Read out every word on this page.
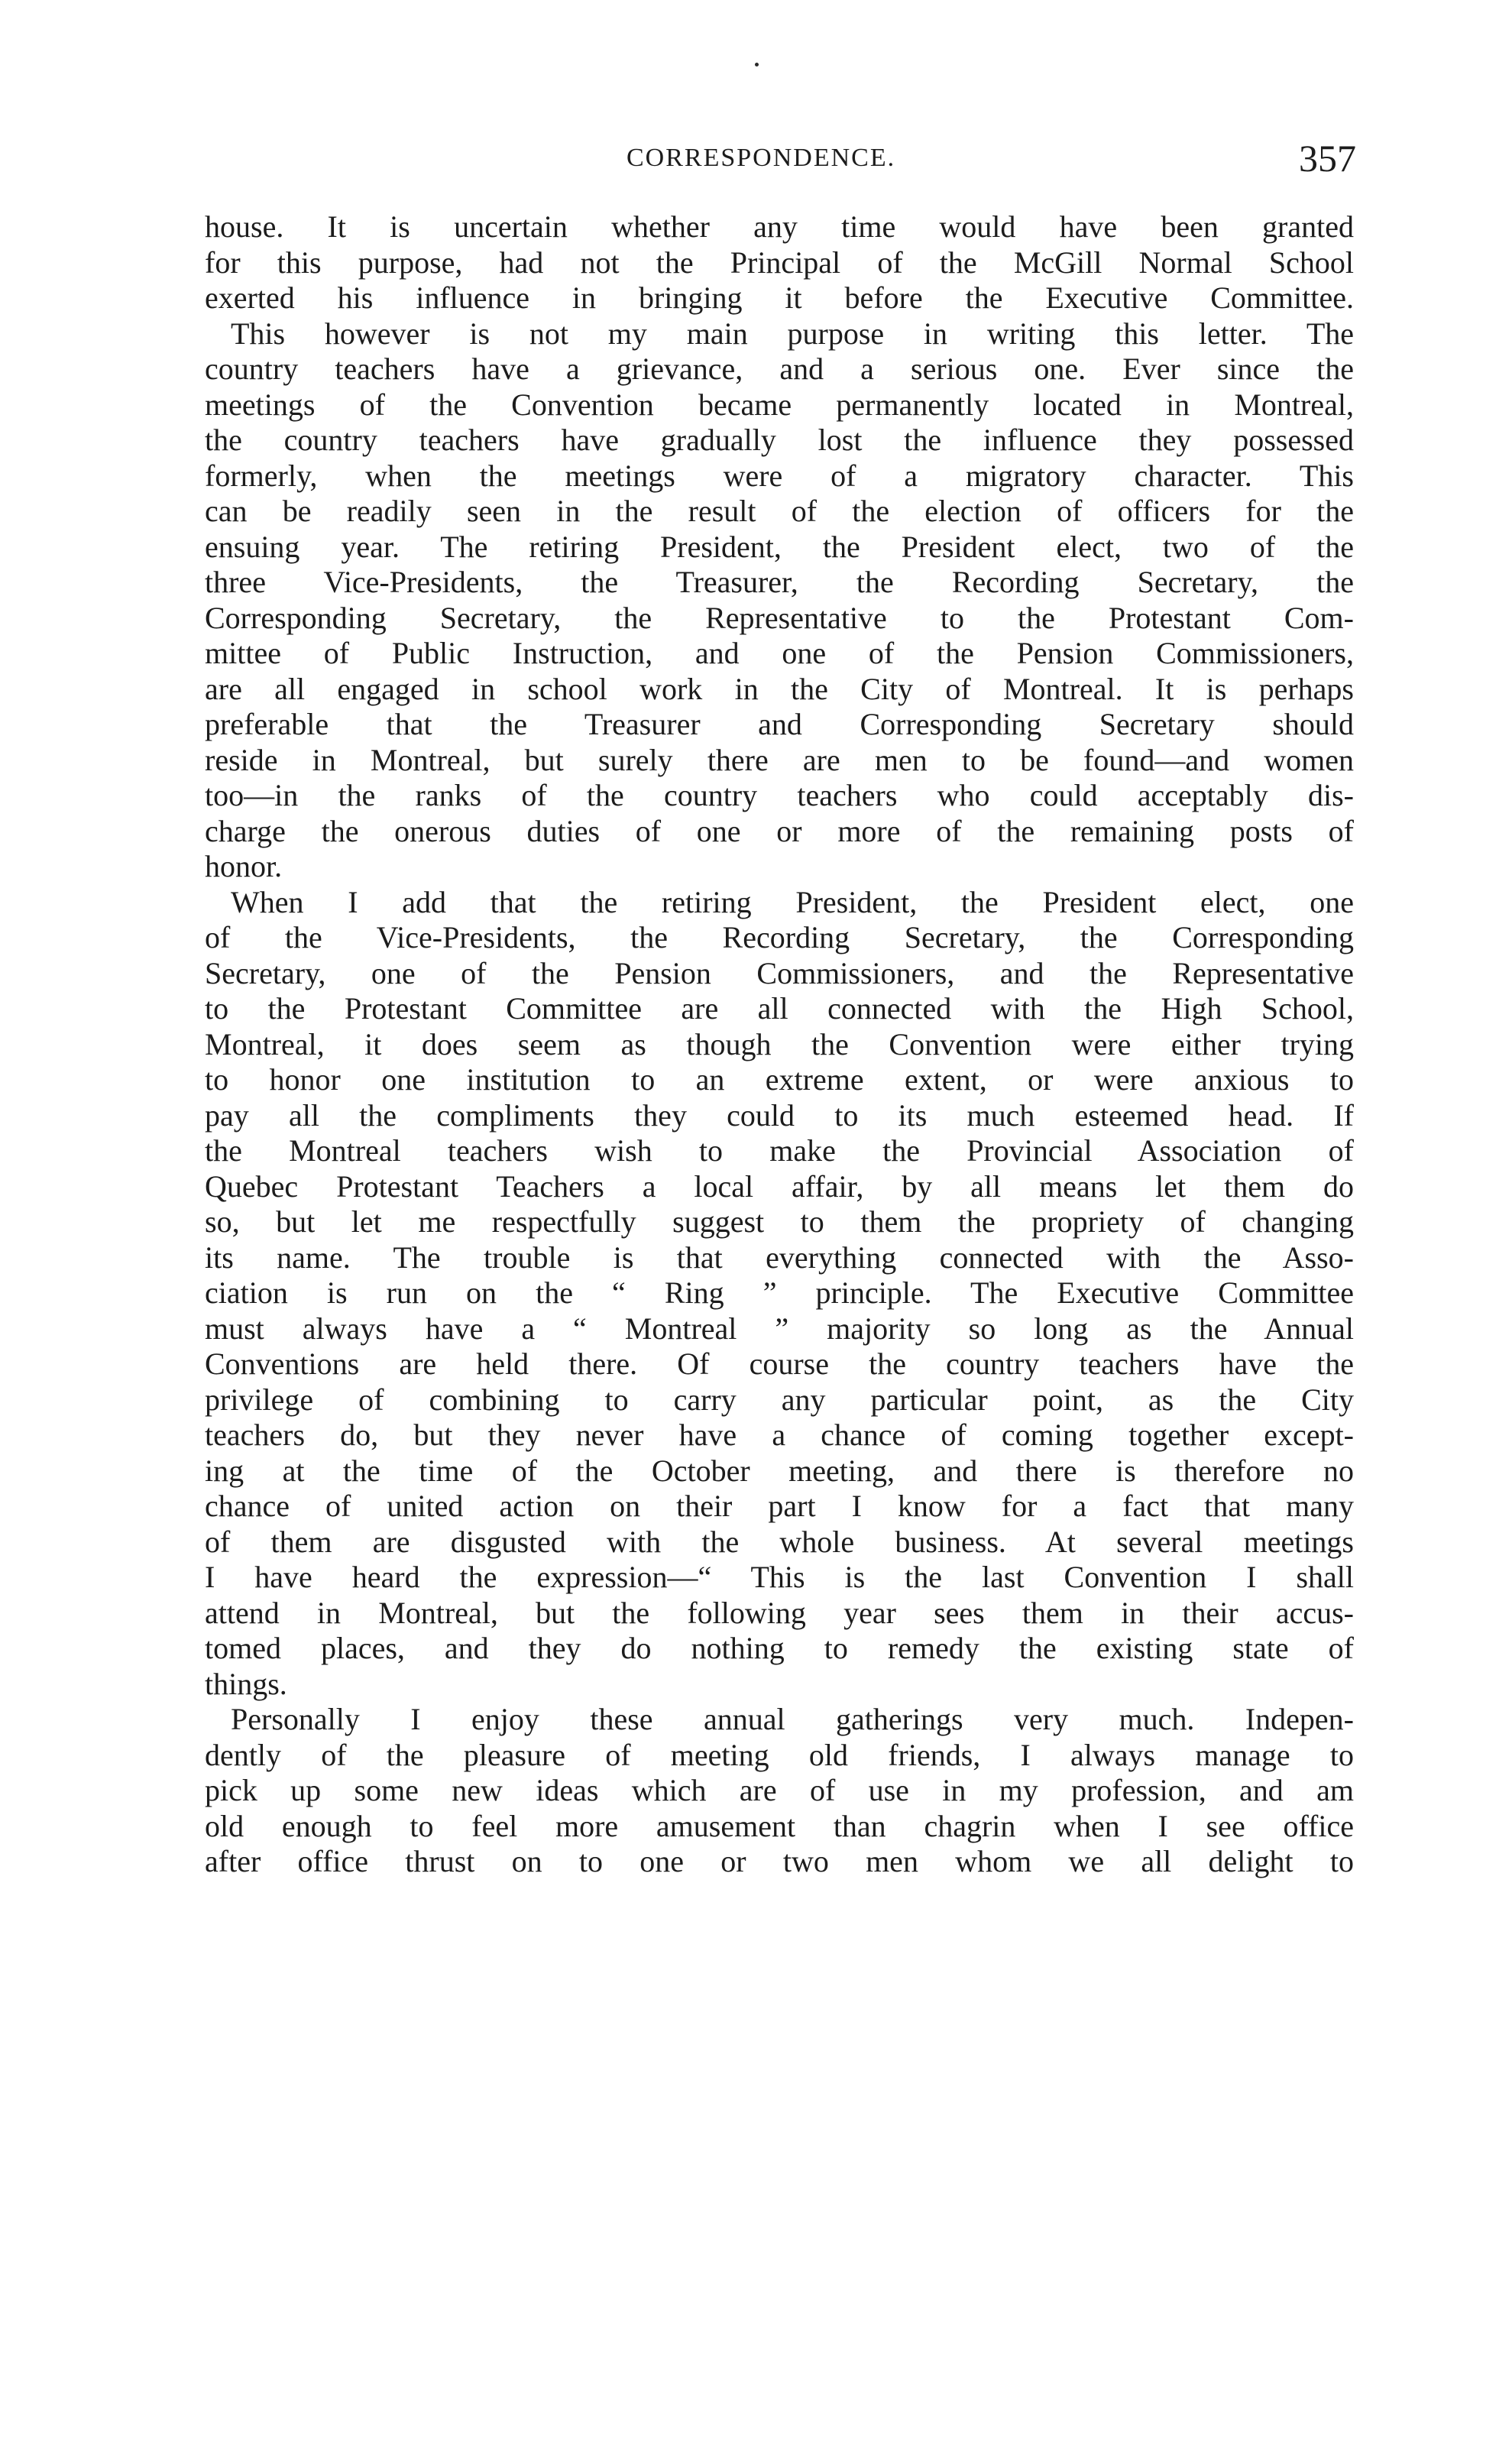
CORRESPONDENCE.	357
house. It is uncertain whether any time would have been granted
for this purpose, had not the Principal of the McGill Normal School
exerted his influence in bringing it before the Executive Committee.
This however is not my main purpose in writing this letter. The
country teachers have a grievance, and a serious one. Ever since the
meetings of the Convention became permanently located in Montreal,
the country teachers have gradually lost the influence they possessed
formerly, when the meetings were of a migratory character. This
can be readily seen in the result of the election of officers for the
ensuing year. The retiring President, the President elect, two of the
three Vice-Presidents, the Treasurer, the Recording Secretary, the
Corresponding Secretary, the Representative to the Protestant Com-
mittee of Public Instruction, and one of the Pension Commissioners,
are all engaged in school work in the City of Montreal. It is perhaps
preferable that the Treasurer and Corresponding Secretary should
reside in Montreal, but surely there are men to be found—and women
too—in the ranks of the country teachers who could acceptably dis-
charge the onerous duties of one or more of the remaining posts of
honor.
When I add that the retiring President, the President elect, one
of the Vice-Presidents, the Recording Secretary, the Corresponding
Secretary, one of the Pension Commissioners, and the Representative
to the Protestant Committee are all connected with the High School,
Montreal, it does seem as though the Convention were either trying
to honor one institution to an extreme extent, or were anxious to
pay all the compliments they could to its much esteemed head. If
the Montreal teachers wish to make the Provincial Association of
Quebec Protestant Teachers a local affair, by all means let them do
so, but let me respectfully suggest to them the propriety of changing
its name. The trouble is that everything connected with the Asso-
ciation is run on the “ Ring ” principle. The Executive Committee
must always have a “ Montreal ” majority so long as the Annual
Conventions are held there. Of course the country teachers have the
privilege of combining to carry any particular point, as the City
teachers do, but they never have a chance of coming together except-
ing at the time of the October meeting, and there is therefore no
chance of united action on their part I know for a fact that many
of them are disgusted with the whole business. At several meetings
I have heard the expression—“ This is the last Convention I shall
attend in Montreal, but the following year sees them in their accus-
tomed places, and they do nothing to remedy the existing state of
things.
Personally I enjoy these annual gatherings very much. Indepen-
dently of the pleasure of meeting old friends, I always manage to
pick up some new ideas which are of use in my profession, and am
old enough to feel more amusement than chagrin when I see office
after office thrust on to one or two men whom we all delight to
